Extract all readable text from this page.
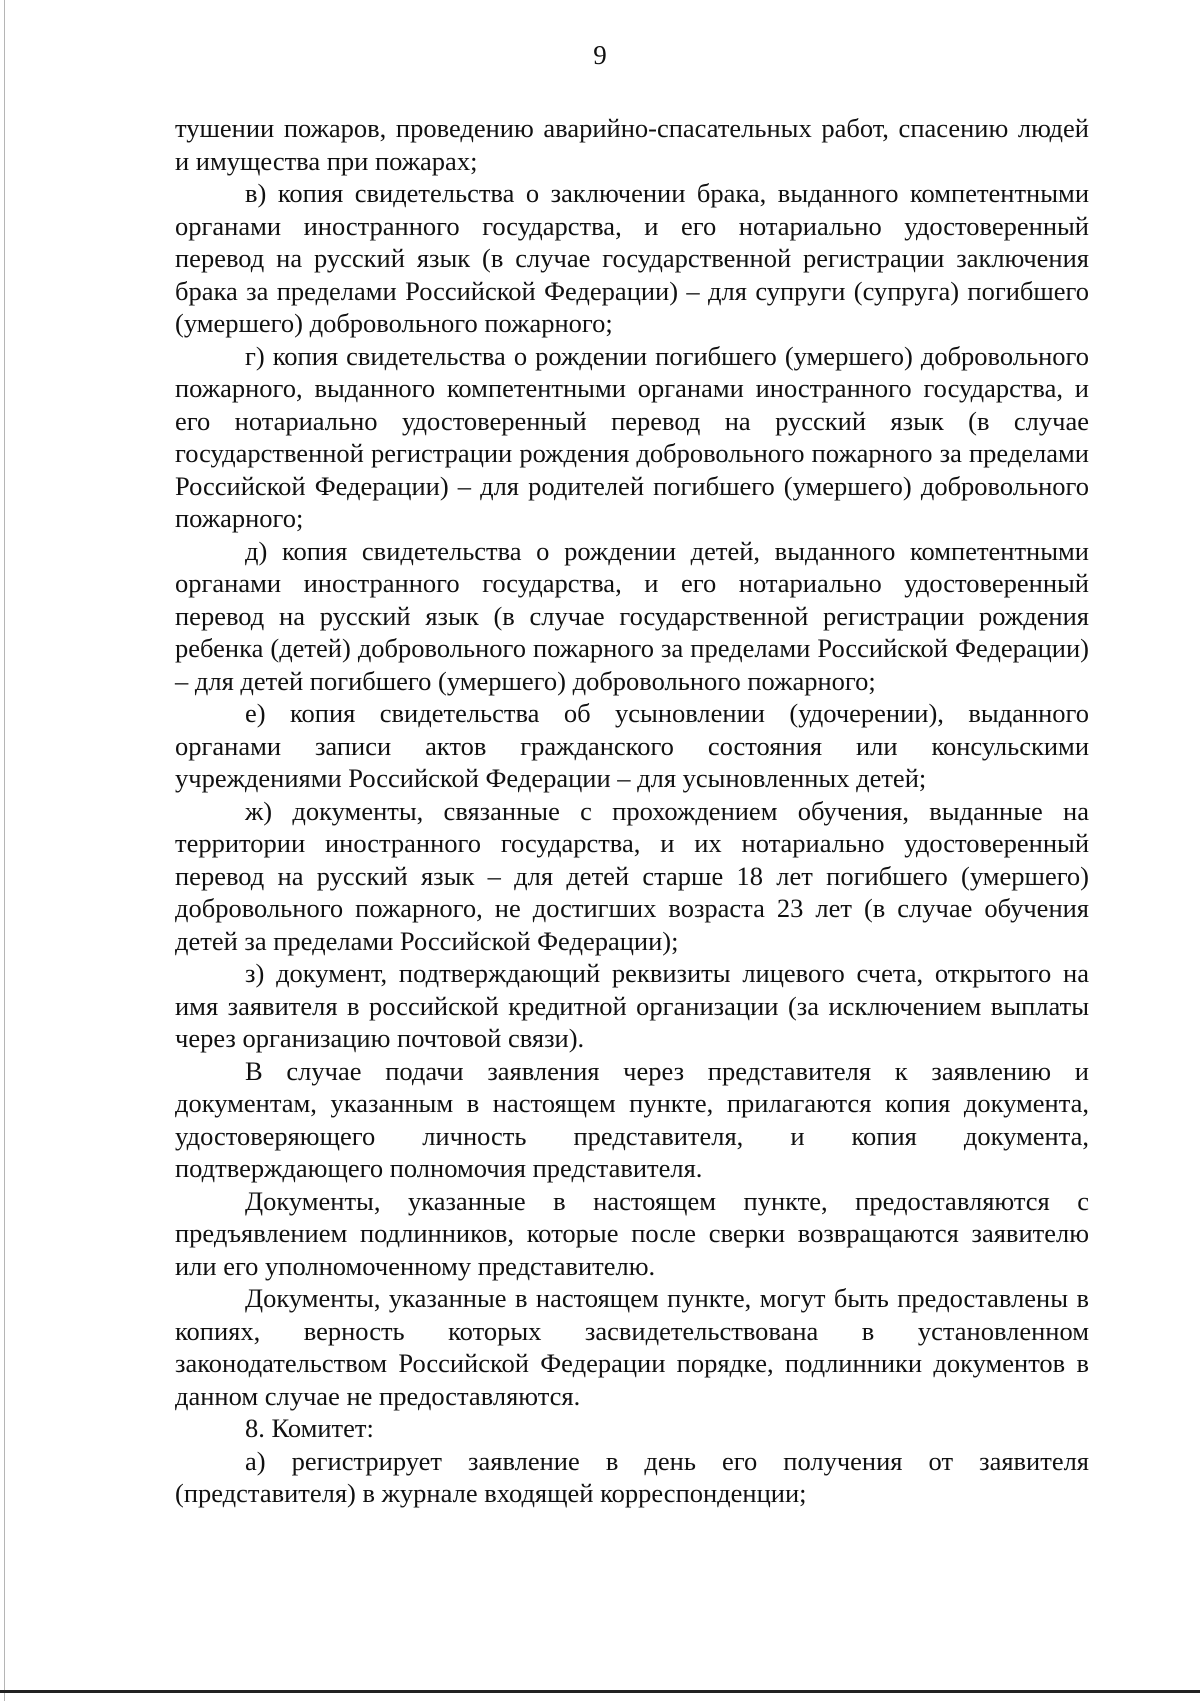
9

тушении пожаров, проведению аварийно-спасательных работ, спасению людей и имущества при пожарах;

в) копия свидетельства о заключении брака, выданного компетентными органами иностранного государства, и его нотариально удостоверенный перевод на русский язык (в случае государственной регистрации заключения брака за пределами Российской Федерации) – для супруги (супруга) погибшего (умершего) добровольного пожарного;

г) копия свидетельства о рождении погибшего (умершего) добровольного пожарного, выданного компетентными органами иностранного государства, и его нотариально удостоверенный перевод на русский язык (в случае государственной регистрации рождения добровольного пожарного за пределами Российской Федерации) – для родителей погибшего (умершего) добровольного пожарного;

д) копия свидетельства о рождении детей, выданного компетентными органами иностранного государства, и его нотариально удостоверенный перевод на русский язык (в случае государственной регистрации рождения ребенка (детей) добровольного пожарного за пределами Российской Федерации) – для детей погибшего (умершего) добровольного пожарного;

е) копия свидетельства об усыновлении (удочерении), выданного органами записи актов гражданского состояния или консульскими учреждениями Российской Федерации – для усыновленных детей;

ж) документы, связанные с прохождением обучения, выданные на территории иностранного государства, и их нотариально удостоверенный перевод на русский язык – для детей старше 18 лет погибшего (умершего) добровольного пожарного, не достигших возраста 23 лет (в случае обучения детей за пределами Российской Федерации);

з) документ, подтверждающий реквизиты лицевого счета, открытого на имя заявителя в российской кредитной организации (за исключением выплаты через организацию почтовой связи).

В случае подачи заявления через представителя к заявлению и документам, указанным в настоящем пункте, прилагаются копия документа, удостоверяющего личность представителя, и копия документа, подтверждающего полномочия представителя.

Документы, указанные в настоящем пункте, предоставляются с предъявлением подлинников, которые после сверки возвращаются заявителю или его уполномоченному представителю.

Документы, указанные в настоящем пункте, могут быть предоставлены в копиях, верность которых засвидетельствована в установленном законодательством Российской Федерации порядке, подлинники документов в данном случае не предоставляются.

8. Комитет:

а) регистрирует заявление в день его получения от заявителя (представителя) в журнале входящей корреспонденции;
